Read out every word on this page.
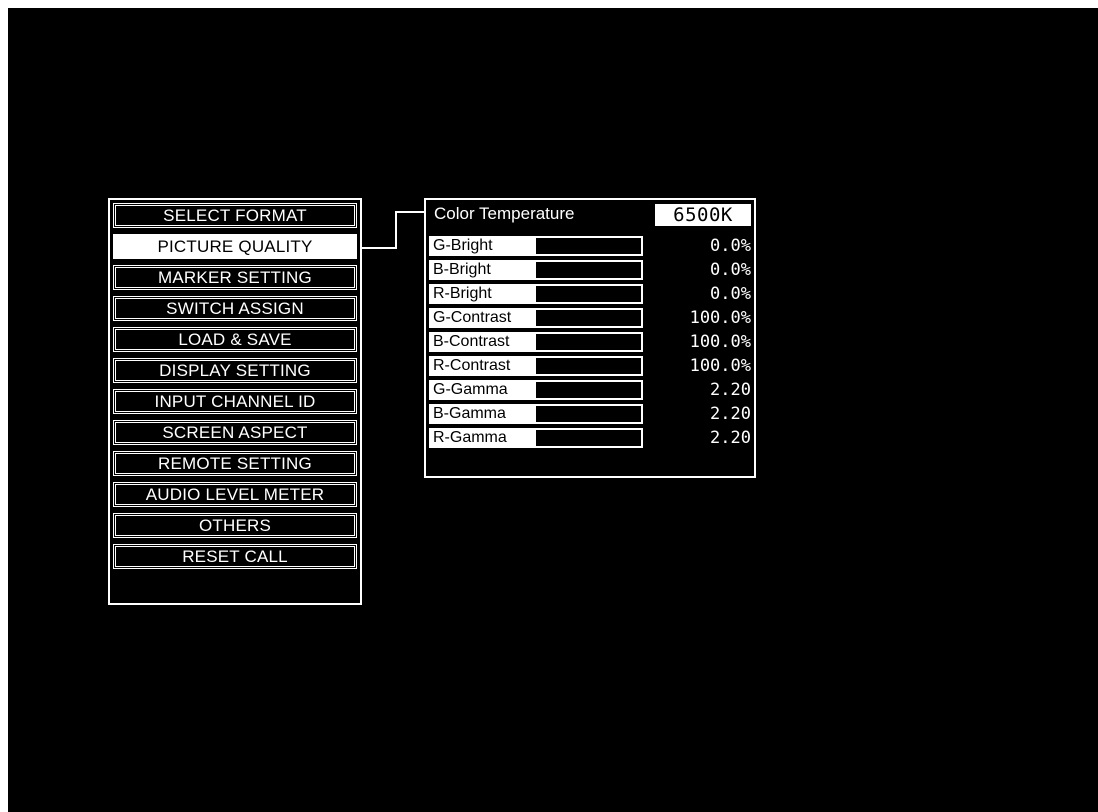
SELECT FORMAT
PICTURE QUALITY
MARKER SETTING
SWITCH ASSIGN
LOAD & SAVE
DISPLAY SETTING
INPUT CHANNEL ID
SCREEN ASPECT
REMOTE SETTING
AUDIO LEVEL METER
OTHERS
RESET CALL
Color Temperature	6500K
G-Bright	0.0%
B-Bright	0.0%
R-Bright	0.0%
G-Contrast	100.0%
B-Contrast	100.0%
R-Contrast	100.0%
G-Gamma	2.20
B-Gamma	2.20
R-Gamma	2.20
